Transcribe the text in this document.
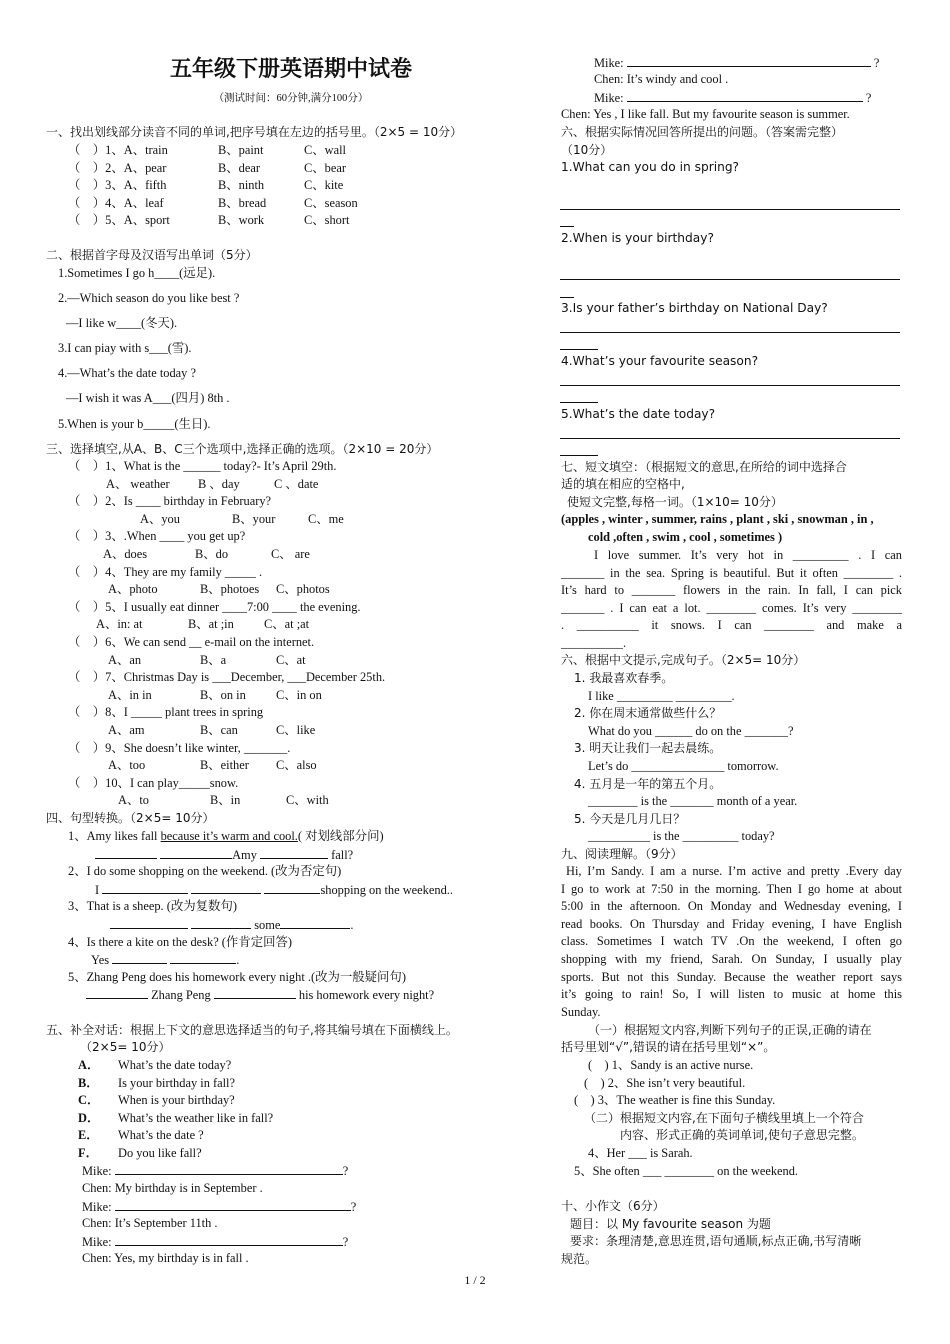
五年级下册英语期中试卷
（测试时间：60分钟,满分100分）
一、找出划线部分读音不同的单词,把序号填在左边的括号里。（2×5 = 10分）
（　）1、A、train	B、paint	C、wall
（　）2、A、pear	B、dear	C、bear
（　）3、A、fifth	B、ninth	C、kite
（　）4、A、leaf	B、bread	C、season
（　）5、A、sport	B、work	C、short
二、根据首字母及汉语写出单词（5分）
1.Sometimes I go h____(远足).
2.—Which season do you like best ?
—I like w____(冬天).
3.I can piay with s___(雪).
4.—What’s the date today ?
—I wish it was A___(四月) 8th .
5.When is your b_____(生日).
三、选择填空,从A、B、C三个选项中,选择正确的选项。（2×10 = 20分）
（　）1、What is the ______ today?- It’s April 29th.
A、 weather B 、day	C 、date
（　）2、Is ____ birthday in February?
A、you	B、your	C、me
（　）3、.When ____ you get up?
A、does	B、do	C、 are
（　）4、They are my family _____ .
A、photo	B、photoes C、photos
（　）5、I usually eat dinner ____7:00 ____ the evening.
A、in: at	B、at ;in C、at ;at
（　）6、We can send __ e-mail on the internet.
A、an	B、a	C、at
（　）7、Christmas Day is ___December, ___December 25th.
A、in in	B、on in C、in on
（　）8、I _____ plant trees in spring
A、am	B、can	C、like
（　）9、She doesn’t like winter, _______.
A、too	B、either C、also
（　）10、I can play_____snow.
A、to	B、in	C、with
四、句型转换。（2×5= 10分）
1、Amy likes fall because it’s warm and cool.( 对划线部分问)
Amy	fall?
2、I do some shopping on the weekend. (改为否定句)
I	shopping on the weekend..
3、That is a sheep. (改为复数句)
some	.
4、Is there a kite on the desk? (作肯定回答)
Yes	.
5、Zhang Peng does his homework every night .(改为一般疑问句)
Zhang Peng	his homework every night?
五、补全对话：根据上下文的意思选择适当的句子,将其编号填在下面横线上。
（2×5= 10分）
A． What’s the date today?
B． Is your birthday in fall?
C． When is your birthday?
D． What’s the weather like in fall?
E． What’s the date ?
F． Do you like fall?
Mike:	?
Chen: My birthday is in September .
Mike:	?
Chen: It’s September 11th .
Mike:	?
Chen: Yes, my birthday is in fall .
Mike:	?
Chen: It’s windy and cool .
Mike:	?
Chen: Yes , I like fall. But my favourite season is summer.
六、根据实际情况回答所提出的问题。（答案需完整）
（10分）
1.What can you do in spring?
2.When is your birthday?
3.Is your father’s birthday on National Day?
4.What’s your favourite season?
5.What’s the date today?
七、短文填空：（根据短文的意思,在所给的词中选择合
适的填在相应的空格中,
使短文完整,每格一词。（1×10= 10分）
(apples , winter , summer, rains , plant , ski , snowman , in ,
cold ,often , swim , cool , sometimes )
I love summer. It’s very hot in _________ . I can
_______ in the sea. Spring is beautiful. But it often ________ .
It’s hard to _______ flowers in the rain. In fall, I can pick
_______ . I can eat a lot. ________ comes. It’s very ________
. __________ it snows. I can ________ and make a
__________.
六、根据中文提示,完成句子。（2×5= 10分）
1. 我最喜欢春季。
I like _________ _________.
2. 你在周末通常做些什么？
What do you ______ do on the _______?
3. 明天让我们一起去晨练。
Let’s do _______________ tomorrow.
4. 五月是一年的第五个月。
________ is the _______ month of a year.
5. 今天是几月几日？
__________ is the _________ today?
九、阅读理解。（9分）
Hi, I’m Sandy. I am a nurse. I’m active and pretty .Every day
I go to work at 7:50 in the morning. Then I go home at about
5:00 in the afternoon. On Monday and Wednesday evening, I
read books. On Thursday and Friday evening, I have English
class. Sometimes I watch TV .On the weekend, I often go
shopping with my friend, Sarah. On Sunday, I usually play
sports. But not this Sunday. Because the weather report says
it’s going to rain! So, I will listen to music at home this
Sunday.
（一）根据短文内容,判断下列句子的正误,正确的请在
括号里划“√”,错误的请在括号里划“×”。
(　) 1、Sandy is an active nurse.
(　) 2、She isn’t very beautiful.
(　) 3、The weather is fine this Sunday.
（二）根据短文内容,在下面句子横线里填上一个符合
内容、形式正确的英词单词,使句子意思完整。
4、Her ___ is Sarah.
5、She often ___ ________ on the weekend.
十、小作文（6分）
题目：以 My favourite season 为题
要求：条理清楚,意思连贯,语句通顺,标点正确,书写清晰
规范。
1 / 2
